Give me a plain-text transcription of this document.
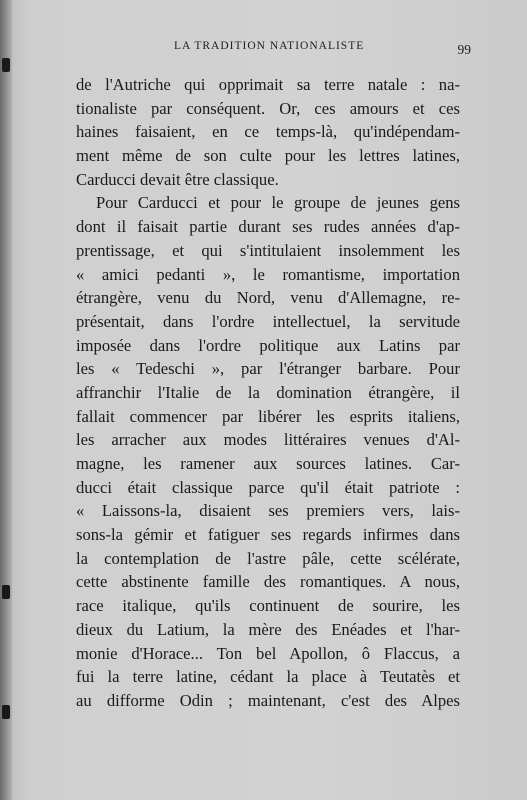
LA TRADITION NATIONALISTE	99
de l'Autriche qui opprimait sa terre natale : na-
tionaliste par conséquent. Or, ces amours et ces
haines faisaient, en ce temps-là, qu'indépendam-
ment même de son culte pour les lettres latines,
Carducci devait être classique.
Pour Carducci et pour le groupe de jeunes gens
dont il faisait partie durant ses rudes années d'ap-
prentissage, et qui s'intitulaient insolemment les
« amici pedanti », le romantisme, importation
étrangère, venu du Nord, venu d'Allemagne, re-
présentait, dans l'ordre intellectuel, la servitude
imposée dans l'ordre politique aux Latins par
les « Tedeschi », par l'étranger barbare. Pour
affranchir l'Italie de la domination étrangère, il
fallait commencer par libérer les esprits italiens,
les arracher aux modes littéraires venues d'Al-
magne, les ramener aux sources latines. Car-
ducci était classique parce qu'il était patriote :
« Laissons-la, disaient ses premiers vers, lais-
sons-la gémir et fatiguer ses regards infirmes dans
la contemplation de l'astre pâle, cette scélérate,
cette abstinente famille des romantiques. A nous,
race italique, qu'ils continuent de sourire, les
dieux du Latium, la mère des Enéades et l'har-
monie d'Horace... Ton bel Apollon, ô Flaccus, a
fui la terre latine, cédant la place à Teutatès et
au difforme Odin ; maintenant, c'est des Alpes
